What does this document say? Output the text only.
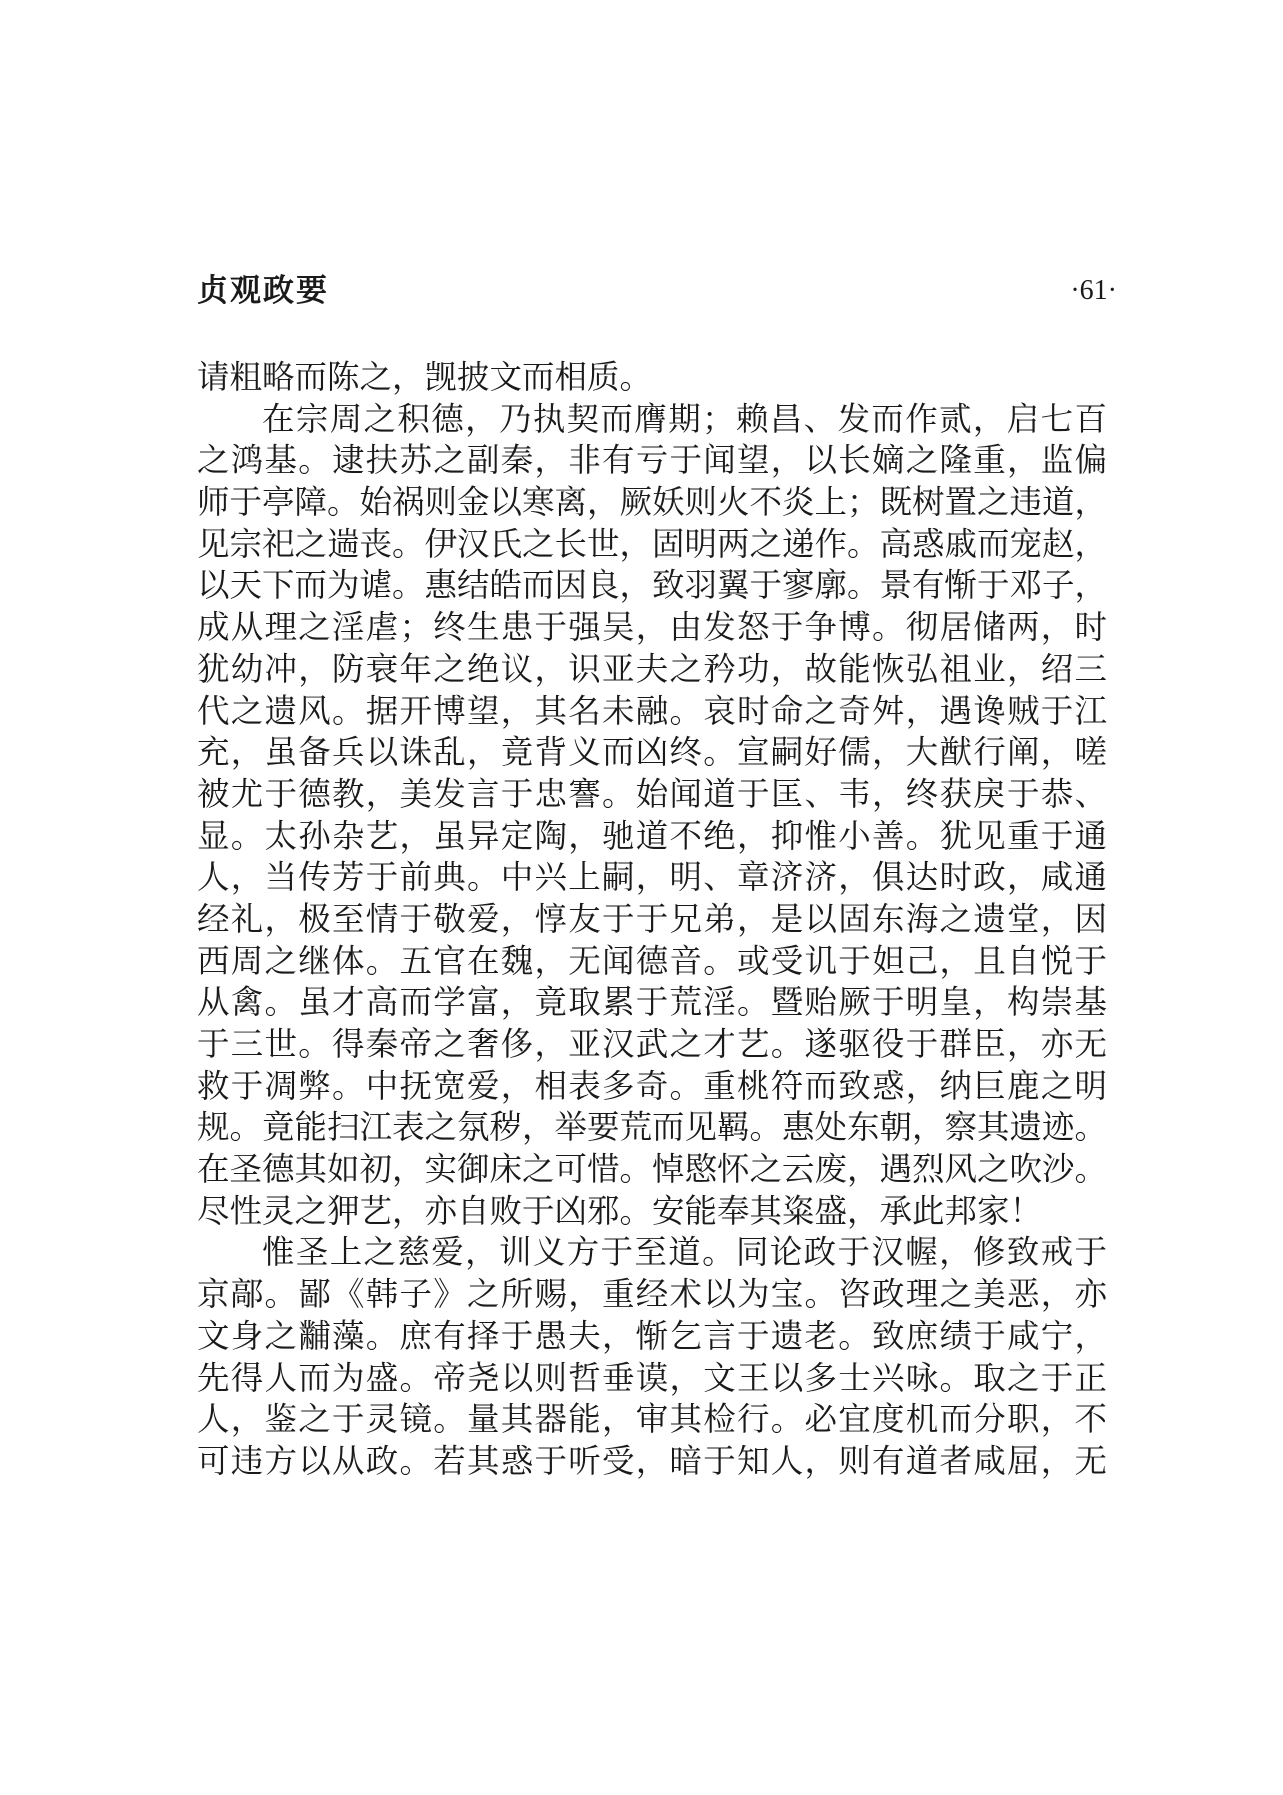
贞观政要	·61·
请粗略而陈之，觊披文而相质。
在宗周之积德，乃执契而膺期；赖昌、发而作贰，启七百
之鸿基。逮扶苏之副秦，非有亏于闻望，以长嫡之隆重，监偏
师于亭障。始祸则金以寒离，厥妖则火不炎上；既树置之违道，
见宗祀之遄丧。伊汉氏之长世，固明两之递作。高惑戚而宠赵，
以天下而为谑。惠结皓而因良，致羽翼于寥廓。景有惭于邓子，
成从理之淫虐；终生患于强吴，由发怒于争博。彻居储两，时
犹幼冲，防衰年之绝议，识亚夫之矜功，故能恢弘祖业，绍三
代之遗风。据开博望，其名未融。哀时命之奇舛，遇谗贼于江
充，虽备兵以诛乱，竟背义而凶终。宣嗣好儒，大猷行阐，嗟
被尤于德教，美发言于忠謇。始闻道于匡、韦，终获戾于恭、
显。太孙杂艺，虽异定陶，驰道不绝，抑惟小善。犹见重于通
人，当传芳于前典。中兴上嗣，明、章济济，俱达时政，咸通
经礼，极至情于敬爱，惇友于于兄弟，是以固东海之遗堂，因
西周之继体。五官在魏，无闻德音。或受讥于妲己，且自悦于
从禽。虽才高而学富，竟取累于荒淫。暨贻厥于明皇，构崇基
于三世。得秦帝之奢侈，亚汉武之才艺。遂驱役于群臣，亦无
救于凋弊。中抚宽爱，相表多奇。重桃符而致惑，纳巨鹿之明
规。竟能扫江表之氛秽，举要荒而见羁。惠处东朝，察其遗迹。
在圣德其如初，实御床之可惜。悼愍怀之云废，遇烈风之吹沙。
尽性灵之狎艺，亦自败于凶邪。安能奉其粢盛，承此邦家！
惟圣上之慈爱，训义方于至道。同论政于汉幄，修致戒于
京鄗。鄙《韩子》之所赐，重经术以为宝。咨政理之美恶，亦
文身之黼藻。庶有择于愚夫，惭乞言于遗老。致庶绩于咸宁，
先得人而为盛。帝尧以则哲垂谟，文王以多士兴咏。取之于正
人，鉴之于灵镜。量其器能，审其检行。必宜度机而分职，不
可违方以从政。若其惑于听受，暗于知人，则有道者咸屈，无
